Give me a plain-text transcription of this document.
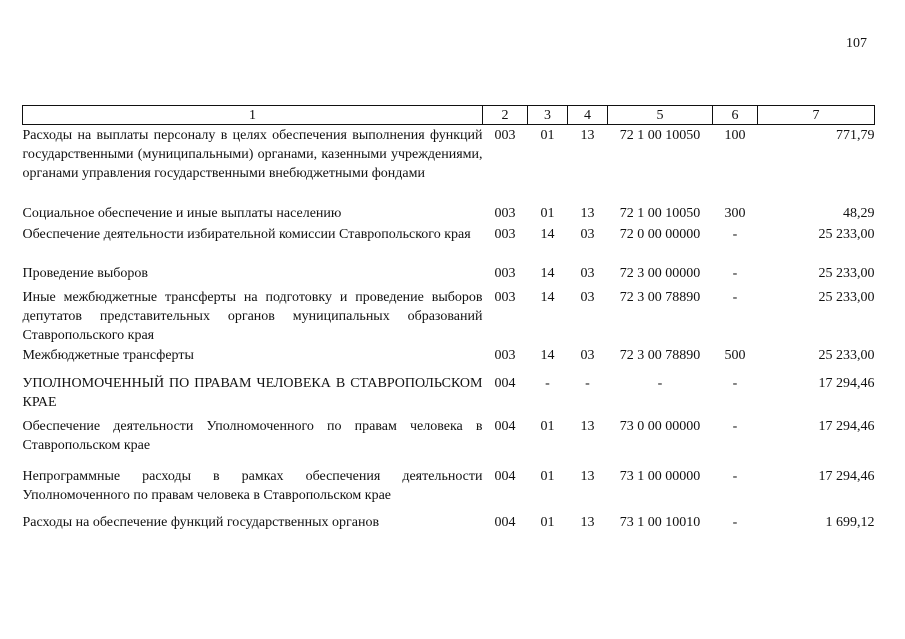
107
1	2	3	4	5	6	7
Расходы на выплаты персоналу в целях обеспечения выполнения функций государственными (муниципальными) органами, казенными учреждениями, органами управления государственными внебюджетными фондами	003	01	13	72 1 00 10050	100	771,79
Социальное обеспечение и иные выплаты населению	003	01	13	72 1 00 10050	300	48,29
Обеспечение деятельности избирательной комиссии Ставропольского края	003	14	03	72 0 00 00000	-	25 233,00
Проведение выборов	003	14	03	72 3 00 00000	-	25 233,00
Иные межбюджетные трансферты на подготовку и проведение выборов депутатов представительных органов муниципальных образований Ставропольского края	003	14	03	72 3 00 78890	-	25 233,00
Межбюджетные трансферты	003	14	03	72 3 00 78890	500	25 233,00
УПОЛНОМОЧЕННЫЙ ПО ПРАВАМ ЧЕЛОВЕКА В СТАВРОПОЛЬСКОМ КРАЕ	004	-	-	-	-	17 294,46
Обеспечение деятельности Уполномоченного по правам человека в Ставропольском крае	004	01	13	73 0 00 00000	-	17 294,46
Непрограммные расходы в рамках обеспечения деятельности Уполномоченного по правам человека в Ставропольском крае	004	01	13	73 1 00 00000	-	17 294,46
Расходы на обеспечение функций государственных органов	004	01	13	73 1 00 10010	-	1 699,12
